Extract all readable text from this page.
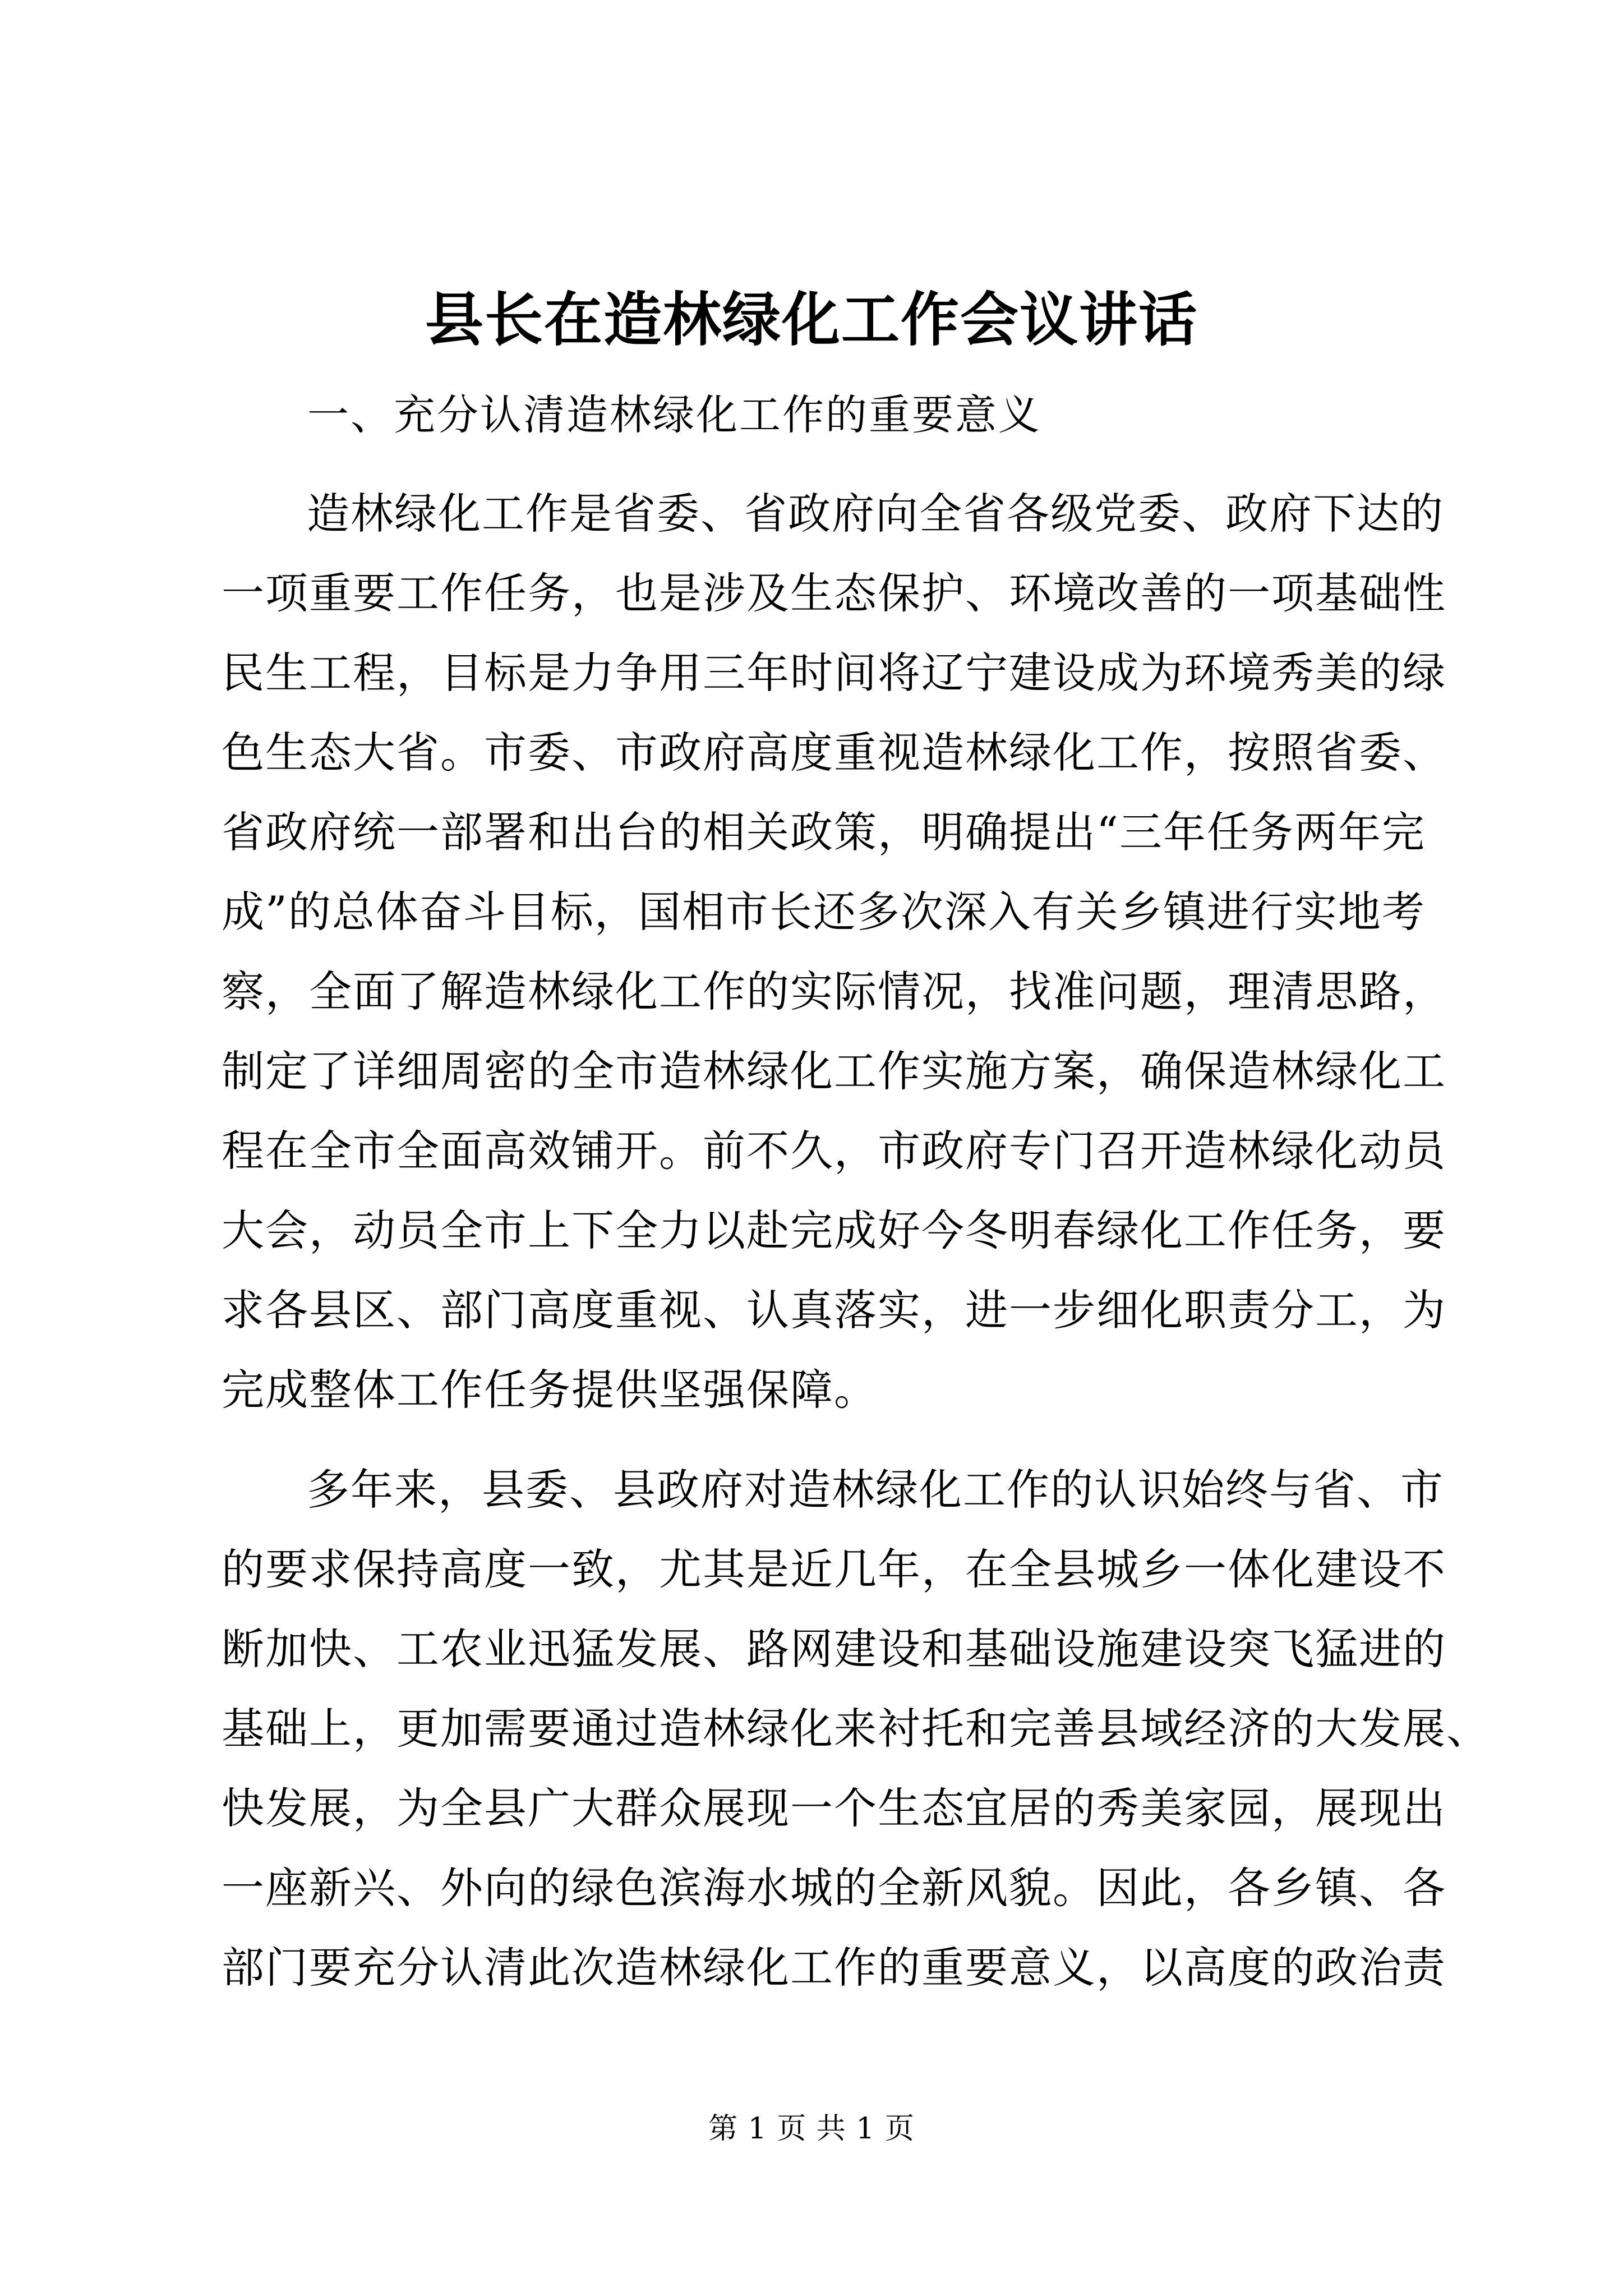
县长在造林绿化工作会议讲话

一、充分认清造林绿化工作的重要意义

造林绿化工作是省委、省政府向全省各级党委、政府下达的
一项重要工作任务，也是涉及生态保护、环境改善的一项基础性
民生工程，目标是力争用三年时间将辽宁建设成为环境秀美的绿
色生态大省。市委、市政府高度重视造林绿化工作，按照省委、
省政府统一部署和出台的相关政策，明确提出“三年任务两年完
成”的总体奋斗目标，国相市长还多次深入有关乡镇进行实地考
察，全面了解造林绿化工作的实际情况，找准问题，理清思路，
制定了详细周密的全市造林绿化工作实施方案，确保造林绿化工
程在全市全面高效铺开。前不久，市政府专门召开造林绿化动员
大会，动员全市上下全力以赴完成好今冬明春绿化工作任务，要
求各县区、部门高度重视、认真落实，进一步细化职责分工，为
完成整体工作任务提供坚强保障。
多年来，县委、县政府对造林绿化工作的认识始终与省、市
的要求保持高度一致，尤其是近几年，在全县城乡一体化建设不
断加快、工农业迅猛发展、路网建设和基础设施建设突飞猛进的
基础上，更加需要通过造林绿化来衬托和完善县域经济的大发展、
快发展，为全县广大群众展现一个生态宜居的秀美家园，展现出
一座新兴、外向的绿色滨海水城的全新风貌。因此，各乡镇、各
部门要充分认清此次造林绿化工作的重要意义，以高度的政治责
第 1 页 共 1 页
